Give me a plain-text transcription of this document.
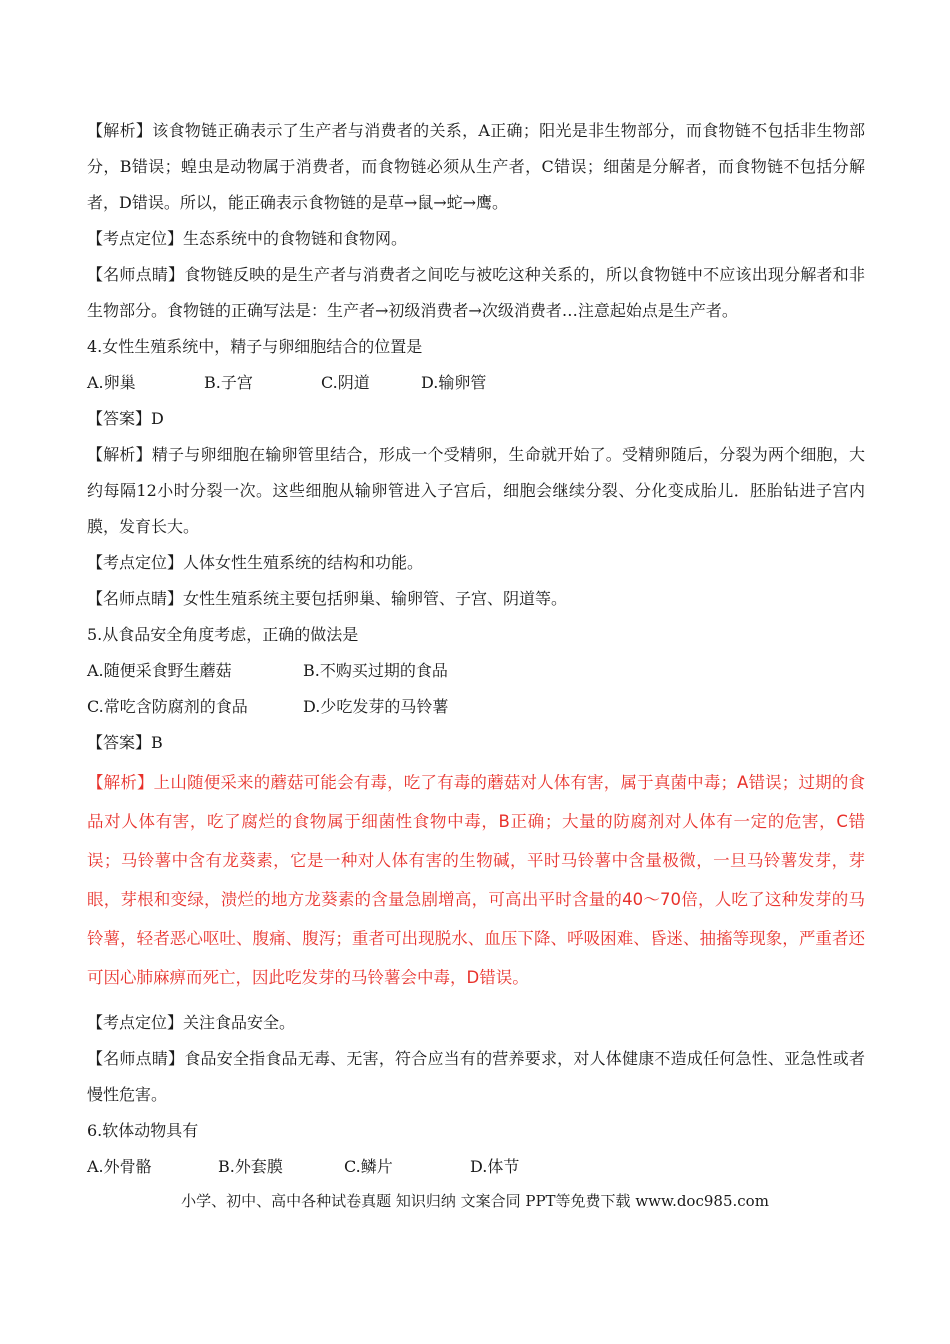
【解析】该食物链正确表示了生产者与消费者的关系，A正确；阳光是非生物部分，而食物链不包括非生物部分，B错误；蝗虫是动物属于消费者，而食物链必须从生产者，C错误；细菌是分解者，而食物链不包括分解者，D错误。所以，能正确表示食物链的是草→鼠→蛇→鹰。

【考点定位】生态系统中的食物链和食物网。

【名师点睛】食物链反映的是生产者与消费者之间吃与被吃这种关系的，所以食物链中不应该出现分解者和非生物部分。食物链的正确写法是：生产者→初级消费者→次级消费者…注意起始点是生产者。

4.女性生殖系统中，精子与卵细胞结合的位置是

A.卵巢	B.子宫	C.阴道	D.输卵管

【答案】D

【解析】精子与卵细胞在输卵管里结合，形成一个受精卵，生命就开始了。受精卵随后，分裂为两个细胞，大约每隔12小时分裂一次。这些细胞从输卵管进入子宫后，细胞会继续分裂、分化变成胎儿．胚胎钻进子宫内膜，发育长大。

【考点定位】人体女性生殖系统的结构和功能。

【名师点睛】女性生殖系统主要包括卵巢、输卵管、子宫、阴道等。

5.从食品安全角度考虑，正确的做法是

A.随便采食野生蘑菇	B.不购买过期的食品
C.常吃含防腐剂的食品	D.少吃发芽的马铃薯

【答案】B

【解析】上山随便采来的蘑菇可能会有毒，吃了有毒的蘑菇对人体有害，属于真菌中毒；A错误；过期的食品对人体有害，吃了腐烂的食物属于细菌性食物中毒，B正确；大量的防腐剂对人体有一定的危害，C错误；马铃薯中含有龙葵素，它是一种对人体有害的生物碱，平时马铃薯中含量极微，一旦马铃薯发芽，芽眼，芽根和变绿，溃烂的地方龙葵素的含量急剧增高，可高出平时含量的40～70倍，人吃了这种发芽的马铃薯，轻者恶心呕吐、腹痛、腹泻；重者可出现脱水、血压下降、呼吸困难、昏迷、抽搐等现象，严重者还可因心肺麻痹而死亡，因此吃发芽的马铃薯会中毒，D错误。

【考点定位】关注食品安全。

【名师点睛】食品安全指食品无毒、无害，符合应当有的营养要求，对人体健康不造成任何急性、亚急性或者慢性危害。

6.软体动物具有

A.外骨骼	B.外套膜	C.鳞片	D.体节
小学、初中、高中各种试卷真题 知识归纳 文案合同 PPT等免费下载 www.doc985.com
